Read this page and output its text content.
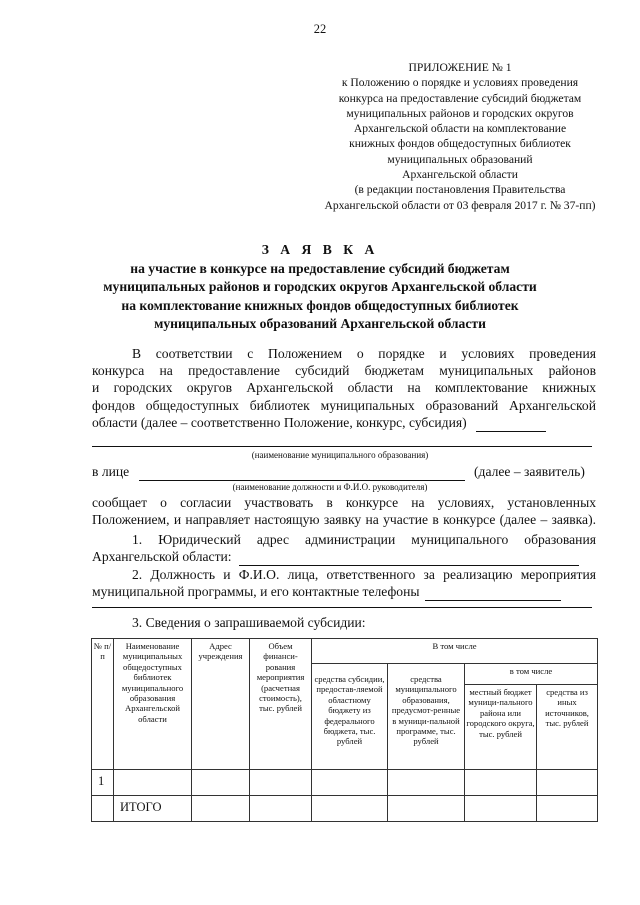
22
ПРИЛОЖЕНИЕ № 1
к Положению о порядке и условиях проведения
конкурса на предоставление субсидий бюджетам
муниципальных районов и городских округов
Архангельской области на комплектование
книжных фондов общедоступных библиотек
муниципальных образований
Архангельской области
(в редакции постановления Правительства
Архангельской области от 03 февраля 2017 г. № 37-пп)
З А Я В К А
на участие в конкурсе на предоставление субсидий бюджетам
муниципальных районов и городских округов Архангельской области
на комплектование книжных фондов общедоступных библиотек
муниципальных образований Архангельской области
В соответствии с Положением о порядке и условиях проведения
конкурса на предоставление субсидий бюджетам муниципальных районов
и городских округов Архангельской области на комплектование книжных
фондов общедоступных библиотек муниципальных образований Архангельской
области (далее – соответственно Положение, конкурс, субсидия)
(наименование муниципального образования)
в лице	(далее – заявитель)
(наименование должности и Ф.И.О. руководителя)
сообщает о согласии участвовать в конкурсе на условиях, установленных
Положением, и направляет настоящую заявку на участие в конкурсе (далее – заявка).
1. Юридический адрес администрации муниципального образования
Архангельской области:
2. Должность и Ф.И.О. лица, ответственного за реализацию мероприятия
муниципальной программы, и его контактные телефоны
3. Сведения о запрашиваемой субсидии:
№ п/п	Наименование муниципальных общедоступных библиотек муниципального образования Архангельской области	Адрес учреждения	Объем финанси-рования мероприятия (расчетная стоимость), тыс. рублей	В том числе			
				средства субсидии, предостав-ляемой областному бюджету из федерального бюджета, тыс. рублей	средства муниципального образования, предусмот-ренные в муници-пальной программе, тыс. рублей	в том числе	
						местный бюджет муници-пального района или городского округа, тыс. рублей	средства из иных источников, тыс. рублей
1							
	ИТОГО						
